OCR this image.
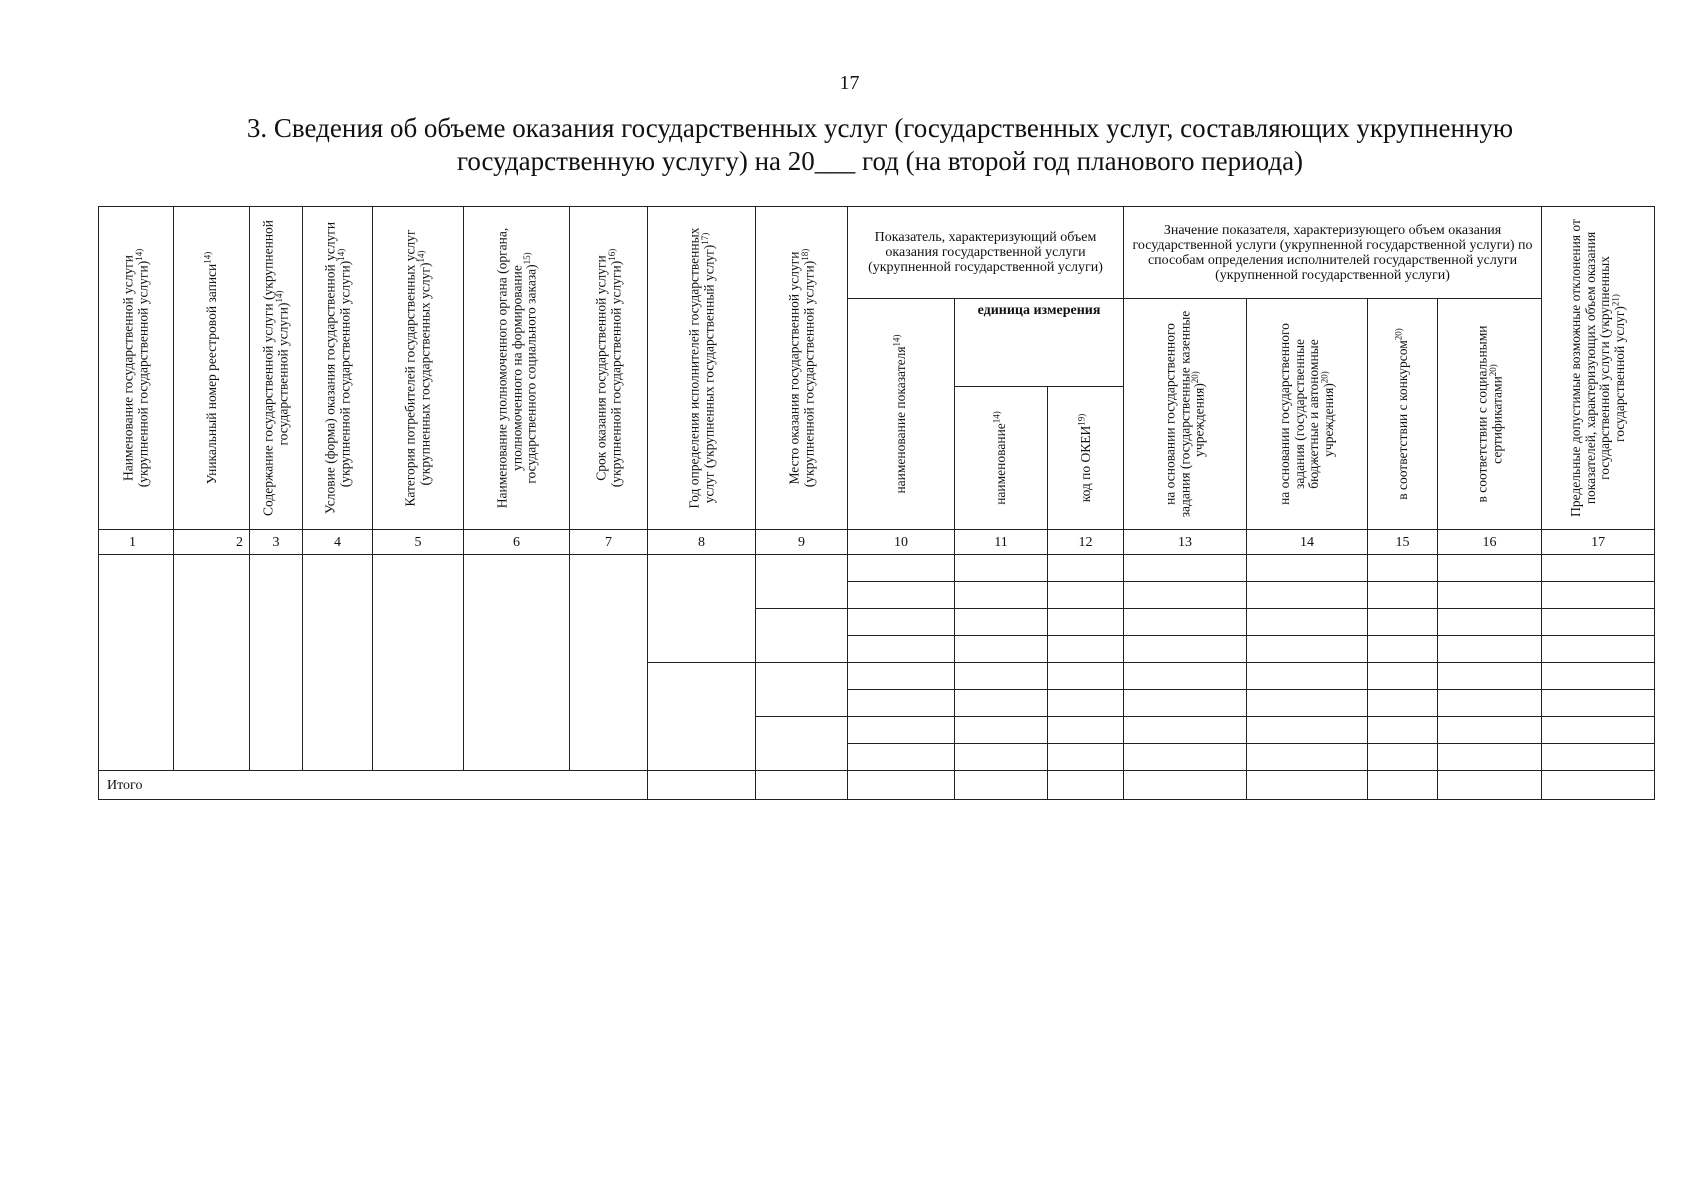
17
3. Сведения об объеме оказания государственных услуг (государственных услуг, составляющих укрупненную
государственную услугу) на 20___ год (на второй год планового периода)
Наименование государственной услуги (укрупненной государственной услуги)$^{14)}$	Уникальный номер реестровой записи$^{14)}$	Содержание государственной услуги (укрупненной государственной услуги)$^{14)}$	Условие (форма) оказания государственной услуги (укрупненной государственной услуги)$^{14)}$	Категория потребителей государственных услуг (укрупненных государственных услуг)$^{14)}$	Наименование уполномоченного органа (органа, уполномоченного на формирование государственного социального заказа)$^{15)}$	Срок оказания государственной услуги (укрупненной государственной услуги)$^{16)}$	Год определения исполнителей государственных услуг (укрупненных государственный услуг)$^{17)}$	Место оказания государственной услуги (укрупненной государственной услуги)$^{18)}$	Показатель, характеризующий объем оказания государственной услуги (укрупненной государственной услуги)			Значение показателя, характеризующего объем оказания государственной услуги (укрупненной государственной услуги) по способам определения исполнителей государственной услуги (укрупненной государственной услуги)				Предельные допустимые возможные отклонения от показателей, характеризующих объем оказания государственной услуги (укрупненных государственной услуг)$^{21)}$

									наименование показателя$^{14)}$	единица измерения		на основании государственного задания (государственные казенные учреждения)$^{20)}$	на основании государственного задания (государственные бюджетные и автономные учреждения)$^{20)}$	в соответствии с конкурсом$^{20)}$	в соответствии с социальными сертификатами$^{20)}$

										наименование$^{14)}$	код по ОКЕИ$^{19)}$

1	2	3	4	5	6	7	8	9	10	11	12	13	14	15	16	17

Итого																
